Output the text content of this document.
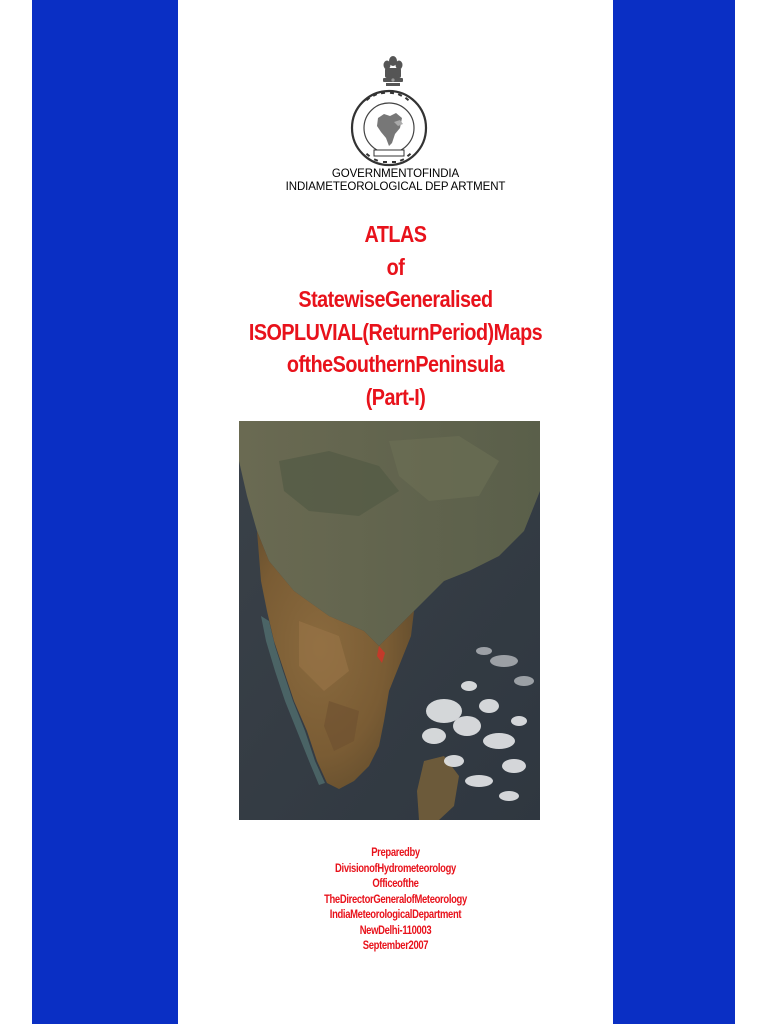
GOVERNMENTOFINDIA
INDIAMETEOROLOGICAL DEP ARTMENT
ATLAS
of
StatewiseGeneralised
ISOPLUVIAL(ReturnPeriod)Maps
oftheSouthernPeninsula
(Part-I)
Preparedby
DivisionofHydrometeorology
Officeofthe
TheDirectorGeneralofMeteorology
IndiaMeteorologicalDepartment
NewDelhi-110003
September2007
